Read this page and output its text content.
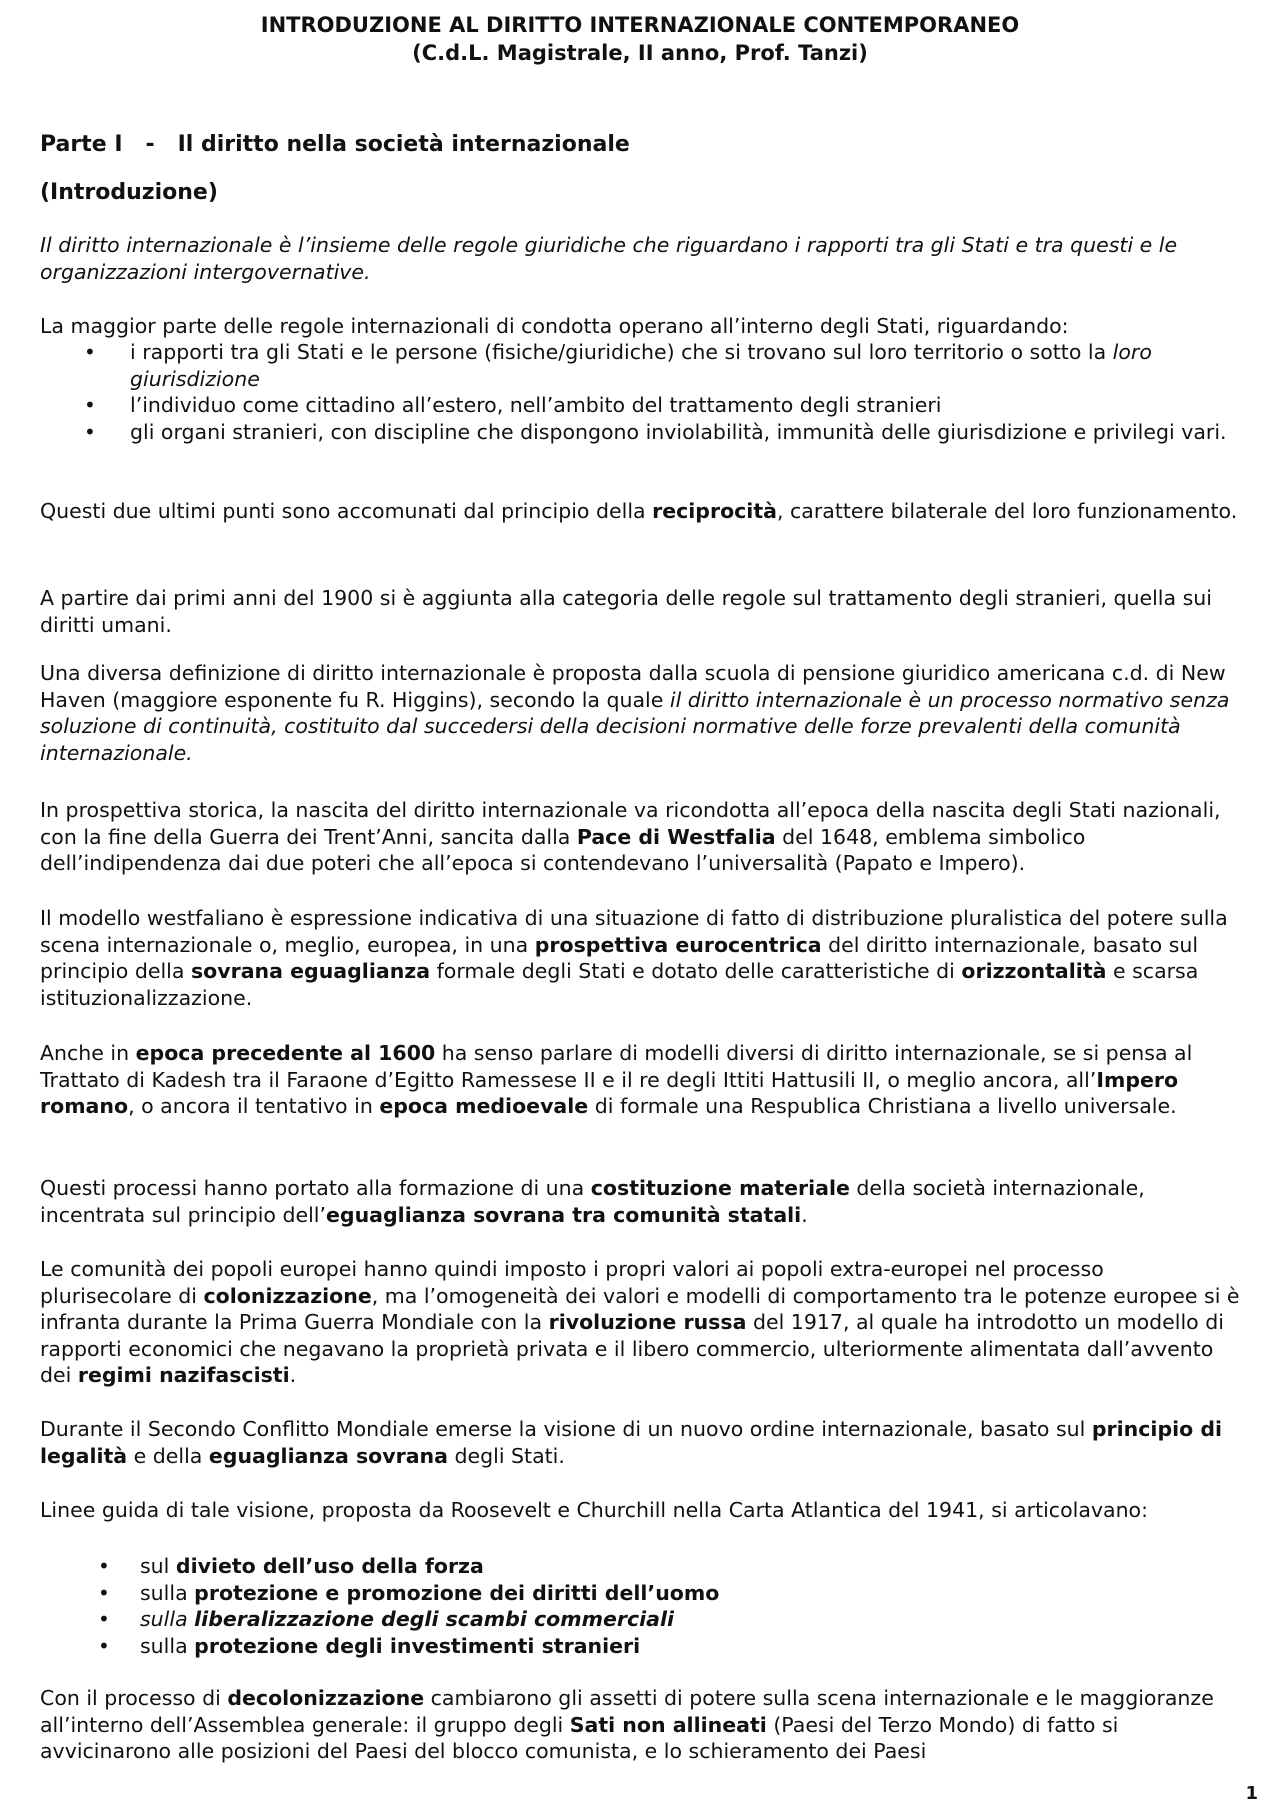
INTRODUZIONE AL DIRITTO INTERNAZIONALE CONTEMPORANEO
(C.d.L. Magistrale, II anno, Prof. Tanzi)
Parte I   -   Il diritto nella società internazionale
(Introduzione)

Il diritto internazionale è l’insieme delle regole giuridiche che riguardano i rapporti tra gli Stati e tra questi e le organizzazioni intergovernative.

La maggior parte delle regole internazionali di condotta operano all’interno degli Stati, riguardando:

• i rapporti tra gli Stati e le persone (fisiche/giuridiche) che si trovano sul loro territorio o sotto la loro giurisdizione
• l’individuo come cittadino all’estero, nell’ambito del trattamento degli stranieri
• gli organi stranieri, con discipline che dispongono inviolabilità, immunità delle giurisdizione e privilegi vari.

Questi due ultimi punti sono accomunati dal principio della reciprocità, carattere bilaterale del loro funzionamento.

A partire dai primi anni del 1900 si è aggiunta alla categoria delle regole sul trattamento degli stranieri, quella sui diritti umani.

Una diversa definizione di diritto internazionale è proposta dalla scuola di pensione giuridico americana c.d. di New Haven (maggiore esponente fu R. Higgins), secondo la quale il diritto internazionale è un processo normativo senza soluzione di continuità, costituito dal succedersi della decisioni normative delle forze prevalenti della comunità internazionale.

In prospettiva storica, la nascita del diritto internazionale va ricondotta all’epoca della nascita degli Stati nazionali, con la fine della Guerra dei Trent’Anni, sancita dalla Pace di Westfalia del 1648, emblema simbolico dell’indipendenza dai due poteri che all’epoca si contendevano l’universalità (Papato e Impero).

Il modello westfaliano è espressione indicativa di una situazione di fatto di distribuzione pluralistica del potere sulla scena internazionale o, meglio, europea, in una prospettiva eurocentrica del diritto internazionale, basato sul principio della sovrana eguaglianza formale degli Stati e dotato delle caratteristiche di orizzontalità e scarsa istituzionalizzazione.

Anche in epoca precedente al 1600 ha senso parlare di modelli diversi di diritto internazionale, se si pensa al Trattato di Kadesh tra il Faraone d’Egitto Ramessese II e il re degli Ittiti Hattusili II, o meglio ancora, all’Impero romano, o ancora il tentativo in epoca medioevale di formale una Respublica Christiana a livello universale.

Questi processi hanno portato alla formazione di una costituzione materiale della società internazionale, incentrata sul principio dell’eguaglianza sovrana tra comunità statali.

Le comunità dei popoli europei hanno quindi imposto i propri valori ai popoli extra-europei nel processo plurisecolare di colonizzazione, ma l’omogeneità dei valori e modelli di comportamento tra le potenze europee si è infranta durante la Prima Guerra Mondiale con la rivoluzione russa del 1917, al quale ha introdotto un modello di rapporti economici che negavano la proprietà privata e il libero commercio, ulteriormente alimentata dall’avvento dei regimi nazifascisti.

Durante il Secondo Conflitto Mondiale emerse la visione di un nuovo ordine internazionale, basato sul principio di legalità e della eguaglianza sovrana degli Stati.

Linee guida di tale visione, proposta da Roosevelt e Churchill nella Carta Atlantica del 1941, si articolavano:

• sul divieto dell’uso della forza
• sulla protezione e promozione dei diritti dell’uomo
• sulla liberalizzazione degli scambi commerciali
• sulla protezione degli investimenti stranieri

Con il processo di decolonizzazione cambiarono gli assetti di potere sulla scena internazionale e le maggioranze all’interno dell’Assemblea generale: il gruppo degli Sati non allineati (Paesi del Terzo Mondo) di fatto si avvicinarono alle posizioni del Paesi del blocco comunista, e lo schieramento dei Paesi

1
